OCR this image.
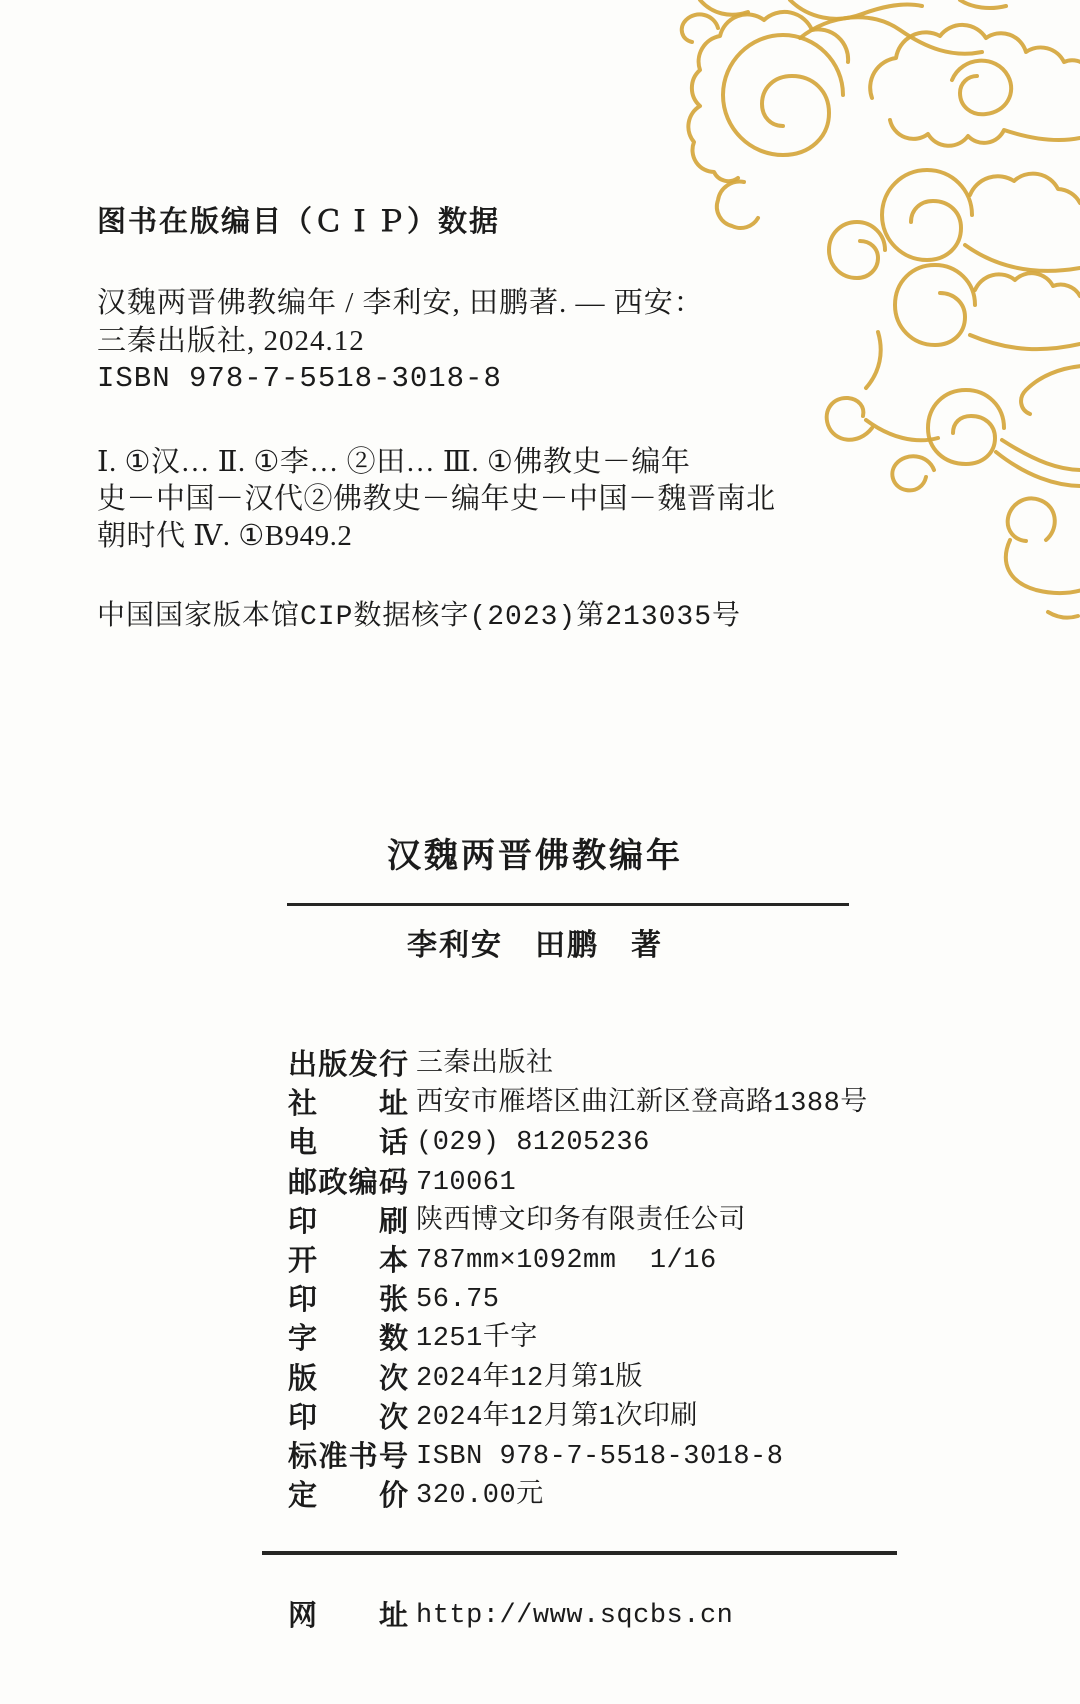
图书在版编目（ＣＩＰ）数据
汉魏两晋佛教编年 / 李利安, 田鹏著. — 西安：
三秦出版社, 2024.12
ISBN 978-7-5518-3018-8
Ⅰ. ①汉… Ⅱ. ①李… ②田… Ⅲ. ①佛教史－编年
史－中国－汉代②佛教史－编年史－中国－魏晋南北
朝时代 Ⅳ. ①B949.2
中国国家版本馆CIP数据核字(2023)第213035号
汉魏两晋佛教编年
李利安　田鹏　著
出版发行 三秦出版社
社址 西安市雁塔区曲江新区登高路1388号
电话 (029) 81205236
邮政编码 710061
印刷 陕西博文印务有限责任公司
开本 787mm×1092mm  1/16
印张 56.75
字数 1251千字
版次 2024年12月第1版
印次 2024年12月第1次印刷
标准书号 ISBN 978-7-5518-3018-8
定价 320.00元
网址 http://www.sqcbs.cn
